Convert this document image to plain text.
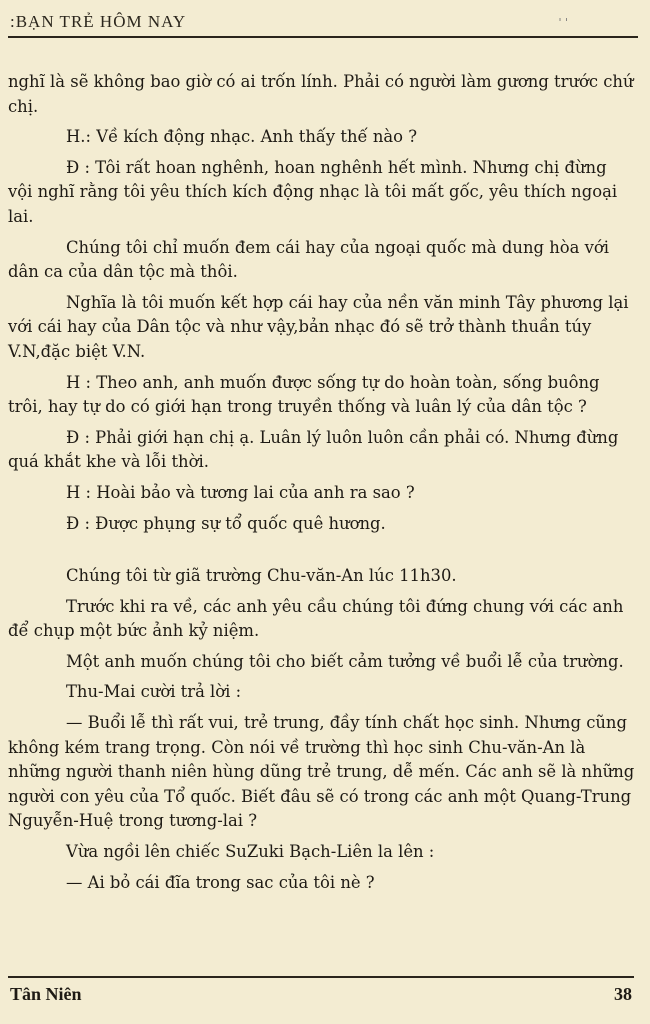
:BẠN TRẺ HÔM NAY	' '

nghĩ là sẽ không bao giờ có ai trốn lính. Phải có người làm gương trước chứ chị.

H.: Về kích động nhạc. Anh thấy thế nào ?

Đ : Tôi rất hoan nghênh, hoan nghênh hết mình. Nhưng chị đừng vội nghĩ rằng tôi yêu thích kích động nhạc là tôi mất gốc, yêu thích ngoại lai.

Chúng tôi chỉ muốn đem cái hay của ngoại quốc mà dung hòa với dân ca của dân tộc mà thôi.

Nghĩa là tôi muốn kết hợp cái hay của nền văn minh Tây phương lại với cái hay của Dân tộc và như vậy,bản nhạc đó sẽ trở thành thuần túy V.N,đặc biệt V.N.

H : Theo anh, anh muốn được sống tự do hoàn toàn, sống buông trôi, hay tự do có giới hạn trong truyền thống và luân lý của dân tộc ?

Đ : Phải giới hạn chị ạ. Luân lý luôn luôn cần phải có. Nhưng đừng quá khắt khe và lỗi thời.

H : Hoài bảo và tương lai của anh ra sao ?

Đ : Được phụng sự tổ quốc quê hương.

Chúng tôi từ giã trường Chu-văn-An lúc 11h30.

Trước khi ra về, các anh yêu cầu chúng tôi đứng chung với các anh để chụp một bức ảnh kỷ niệm.

Một anh muốn chúng tôi cho biết cảm tưởng về buổi lễ của trường.

Thu-Mai cười trả lời :

— Buổi lễ thì rất vui, trẻ trung, đầy tính chất học sinh. Nhưng cũng không kém trang trọng. Còn nói về trường thì học sinh Chu-văn-An là những người thanh niên hùng dũng trẻ trung, dễ mến. Các anh sẽ là những người con yêu của Tổ quốc. Biết đâu sẽ có trong các anh một Quang-Trung Nguyễn-Huệ trong tương-lai ?

Vừa ngồi lên chiếc SuZuki Bạch-Liên la lên :

— Ai bỏ cái đĩa trong sac của tôi nè ?

Tân Niên	38
